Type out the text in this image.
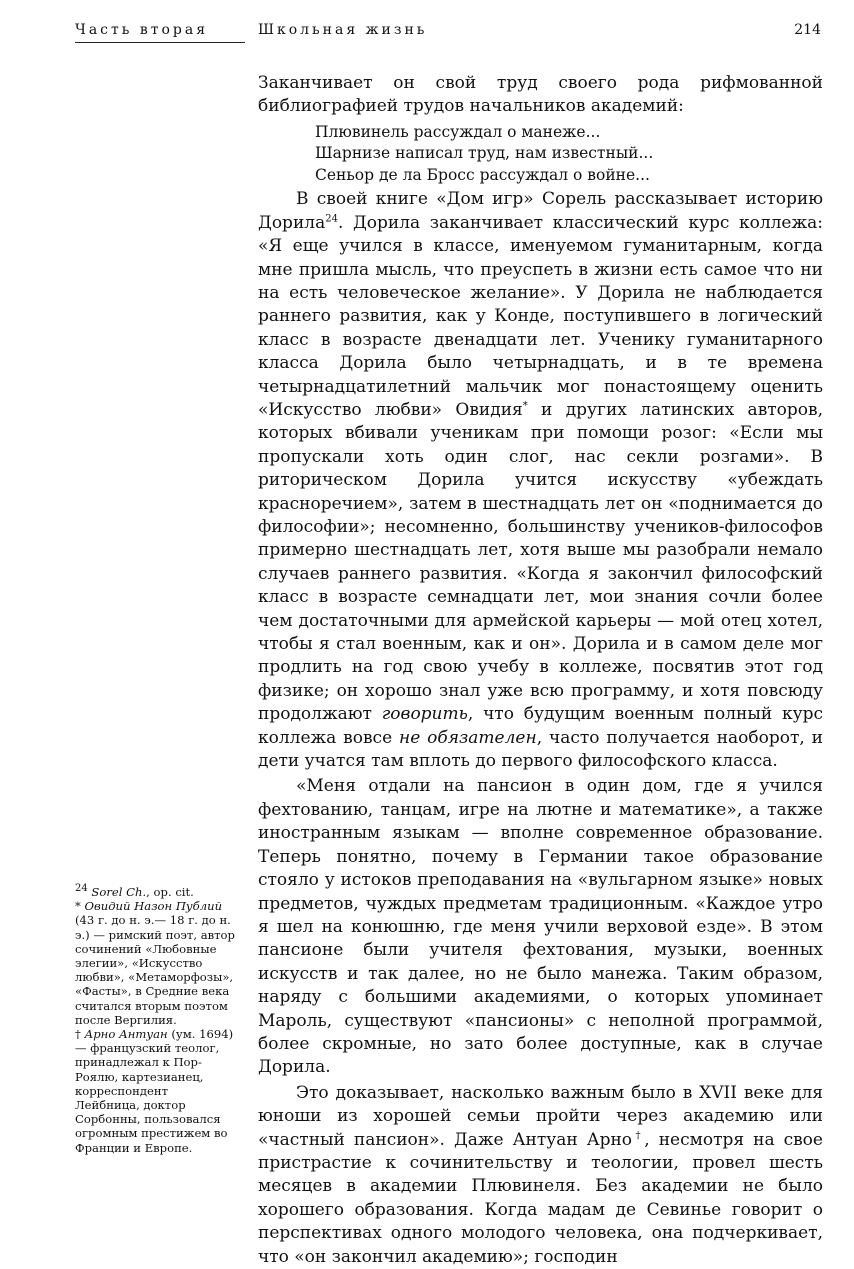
Часть вторая	Школьная жизнь	214

Заканчивает он свой труд своего рода рифмованной библиографией трудов начальников академий:

Плювинель рассуждал о манеже...
Шарнизе написал труд, нам известный...
Сеньор де ла Бросс рассуждал о войне...

В своей книге «Дом игр» Сорель рассказывает историю Дорила$^{24}$. Дорила заканчивает классический курс коллежа: «Я еще учился в классе, именуемом гуманитарным, когда мне пришла мысль, что преуспеть в жизни есть самое что ни на есть человеческое желание». У Дорила не наблюдается раннего развития, как у Конде, поступившего в логический класс в возрасте двенадцати лет. Ученику гуманитарного класса Дорила было четырнадцать, и в те времена четырнадцатилетний мальчик мог понастоящему оценить «Искусство любви» Овидия* и других латинских авторов, которых вбивали ученикам при помощи розог: «Если мы пропускали хоть один слог, нас секли розгами». В риторическом Дорила учится искусству «убеждать красноречием», затем в шестнадцать лет он «поднимается до философии»; несомненно, большинству учеников-философов примерно шестнадцать лет, хотя выше мы разобрали немало случаев раннего развития. «Когда я закончил философский класс в возрасте семнадцати лет, мои знания сочли более чем достаточными для армейской карьеры — мой отец хотел, чтобы я стал военным, как и он». Дорила и в самом деле мог продлить на год свою учебу в коллеже, посвятив этот год физике; он хорошо знал уже всю программу, и хотя повсюду продолжают говорить, что будущим военным полный курс коллежа вовсе не обязателен, часто получается наоборот, и дети учатся там вплоть до первого философского класса.

«Меня отдали на пансион в один дом, где я учился фехтованию, танцам, игре на лютне и математике», а также иностранным языкам — вполне современное образование. Теперь понятно, почему в Германии такое образование стояло у истоков преподавания на «вульгарном языке» новых предметов, чуждых предметам традиционным. «Каждое утро я шел на конюшню, где меня учили верховой езде». В этом пансионе были учителя фехтования, музыки, военных искусств и так далее, но не было манежа. Таким образом, наряду с большими академиями, о которых упоминает Мароль, существуют «пансионы» с неполной программой, более скромные, но зато более доступные, как в случае Дорила.

Это доказывает, насколько важным было в XVII веке для юноши из хорошей семьи пройти через академию или «частный пансион». Даже Антуан Арно†, несмотря на свое пристрастие к сочинительству и теологии, провел шесть месяцев в академии Плювинеля. Без академии не было хорошего образования. Когда мадам де Севинье говорит о перспективах одного молодого человека, она подчеркивает, что «он закончил академию»; господин

$^{24}$ Sorel Ch., op. cit.
* Овидий Назон Публий (43 г. до н. э.— 18 г. до н. э.) — римский поэт, автор сочинений «Любовные элегии», «Искусство любви», «Метаморфозы», «Фасты», в Средние века считался вторым поэтом после Вергилия.
† Арно Антуан (ум. 1694) — французский теолог, принадлежал к Пор-Роялю, картезианец, корреспондент Лейбница, доктор Сорбонны, пользовался огромным престижем во Франции и Европе.
